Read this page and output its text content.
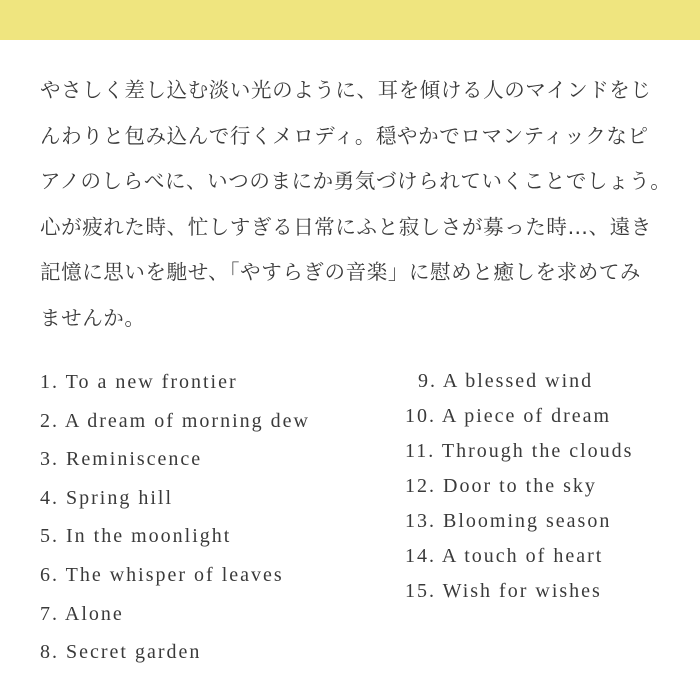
やさしく差し込む淡い光のように、耳を傾ける人のマインドをじ
んわりと包み込んで行くメロディ。穏やかでロマンティックなピ
アノのしらべに、いつのまにか勇気づけられていくことでしょう。
心が疲れた時、忙しすぎる日常にふと寂しさが募った時…、遠き
記憶に思いを馳せ、「やすらぎの音楽」に慰めと癒しを求めてみ
ませんか。
1. To a new frontier
2. A dream of morning dew
3. Reminiscence
4. Spring hill
5. In the moonlight
6. The whisper of leaves
7. Alone
8. Secret garden
9. A blessed wind
10. A piece of dream
11. Through the clouds
12. Door to the sky
13. Blooming season
14. A touch of heart
15. Wish for wishes
